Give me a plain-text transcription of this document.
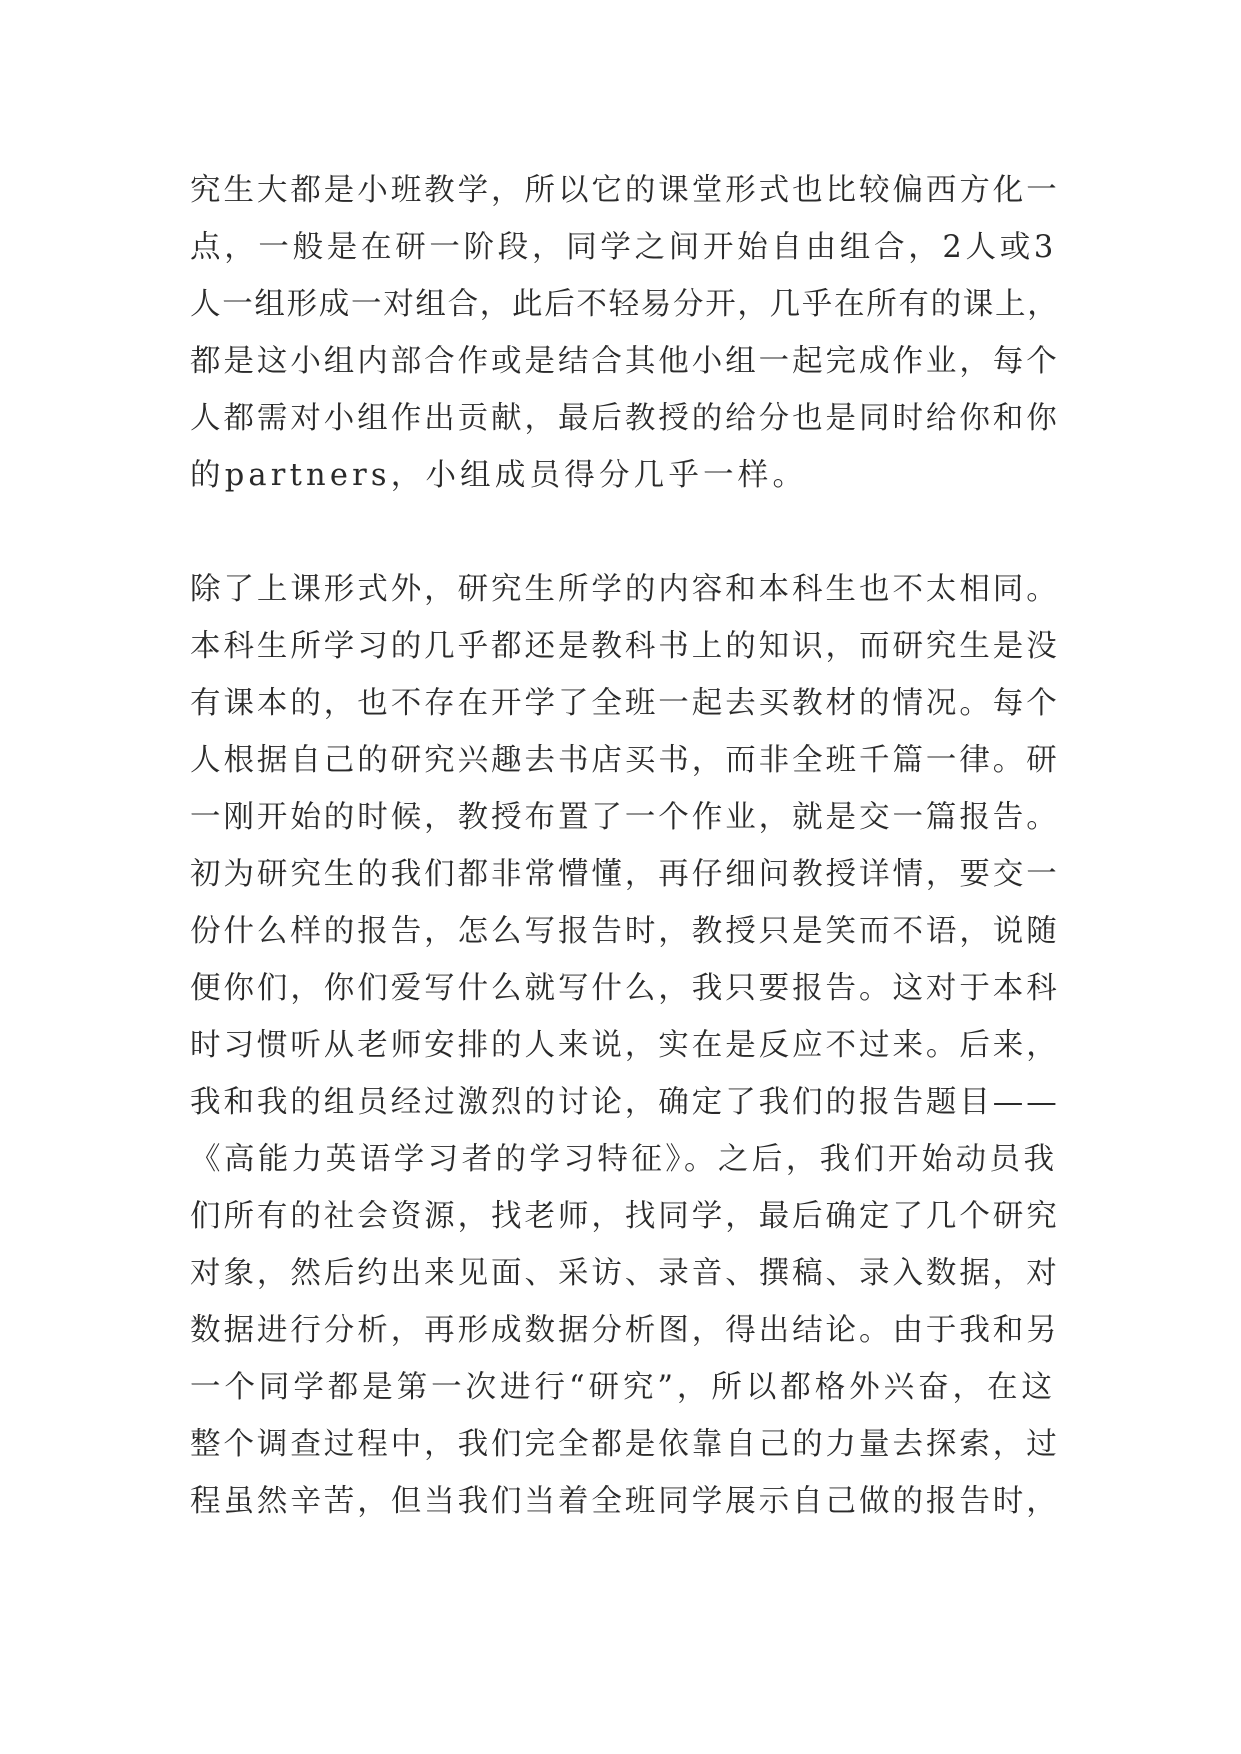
究生大都是小班教学，所以它的课堂形式也比较偏西方化一
点，一般是在研一阶段，同学之间开始自由组合，2人或3
人一组形成一对组合，此后不轻易分开，几乎在所有的课上，
都是这小组内部合作或是结合其他小组一起完成作业，每个
人都需对小组作出贡献，最后教授的给分也是同时给你和你
的partners，小组成员得分几乎一样。

除了上课形式外，研究生所学的内容和本科生也不太相同。
本科生所学习的几乎都还是教科书上的知识，而研究生是没
有课本的，也不存在开学了全班一起去买教材的情况。每个
人根据自己的研究兴趣去书店买书，而非全班千篇一律。研
一刚开始的时候，教授布置了一个作业，就是交一篇报告。
初为研究生的我们都非常懵懂，再仔细问教授详情，要交一
份什么样的报告，怎么写报告时，教授只是笑而不语，说随
便你们，你们爱写什么就写什么，我只要报告。这对于本科
时习惯听从老师安排的人来说，实在是反应不过来。后来，
我和我的组员经过激烈的讨论，确定了我们的报告题目——
《高能力英语学习者的学习特征》。之后，我们开始动员我
们所有的社会资源，找老师，找同学，最后确定了几个研究
对象，然后约出来见面、采访、录音、撰稿、录入数据，对
数据进行分析，再形成数据分析图，得出结论。由于我和另
一个同学都是第一次进行“研究”，所以都格外兴奋，在这
整个调查过程中，我们完全都是依靠自己的力量去探索，过
程虽然辛苦，但当我们当着全班同学展示自己做的报告时，
